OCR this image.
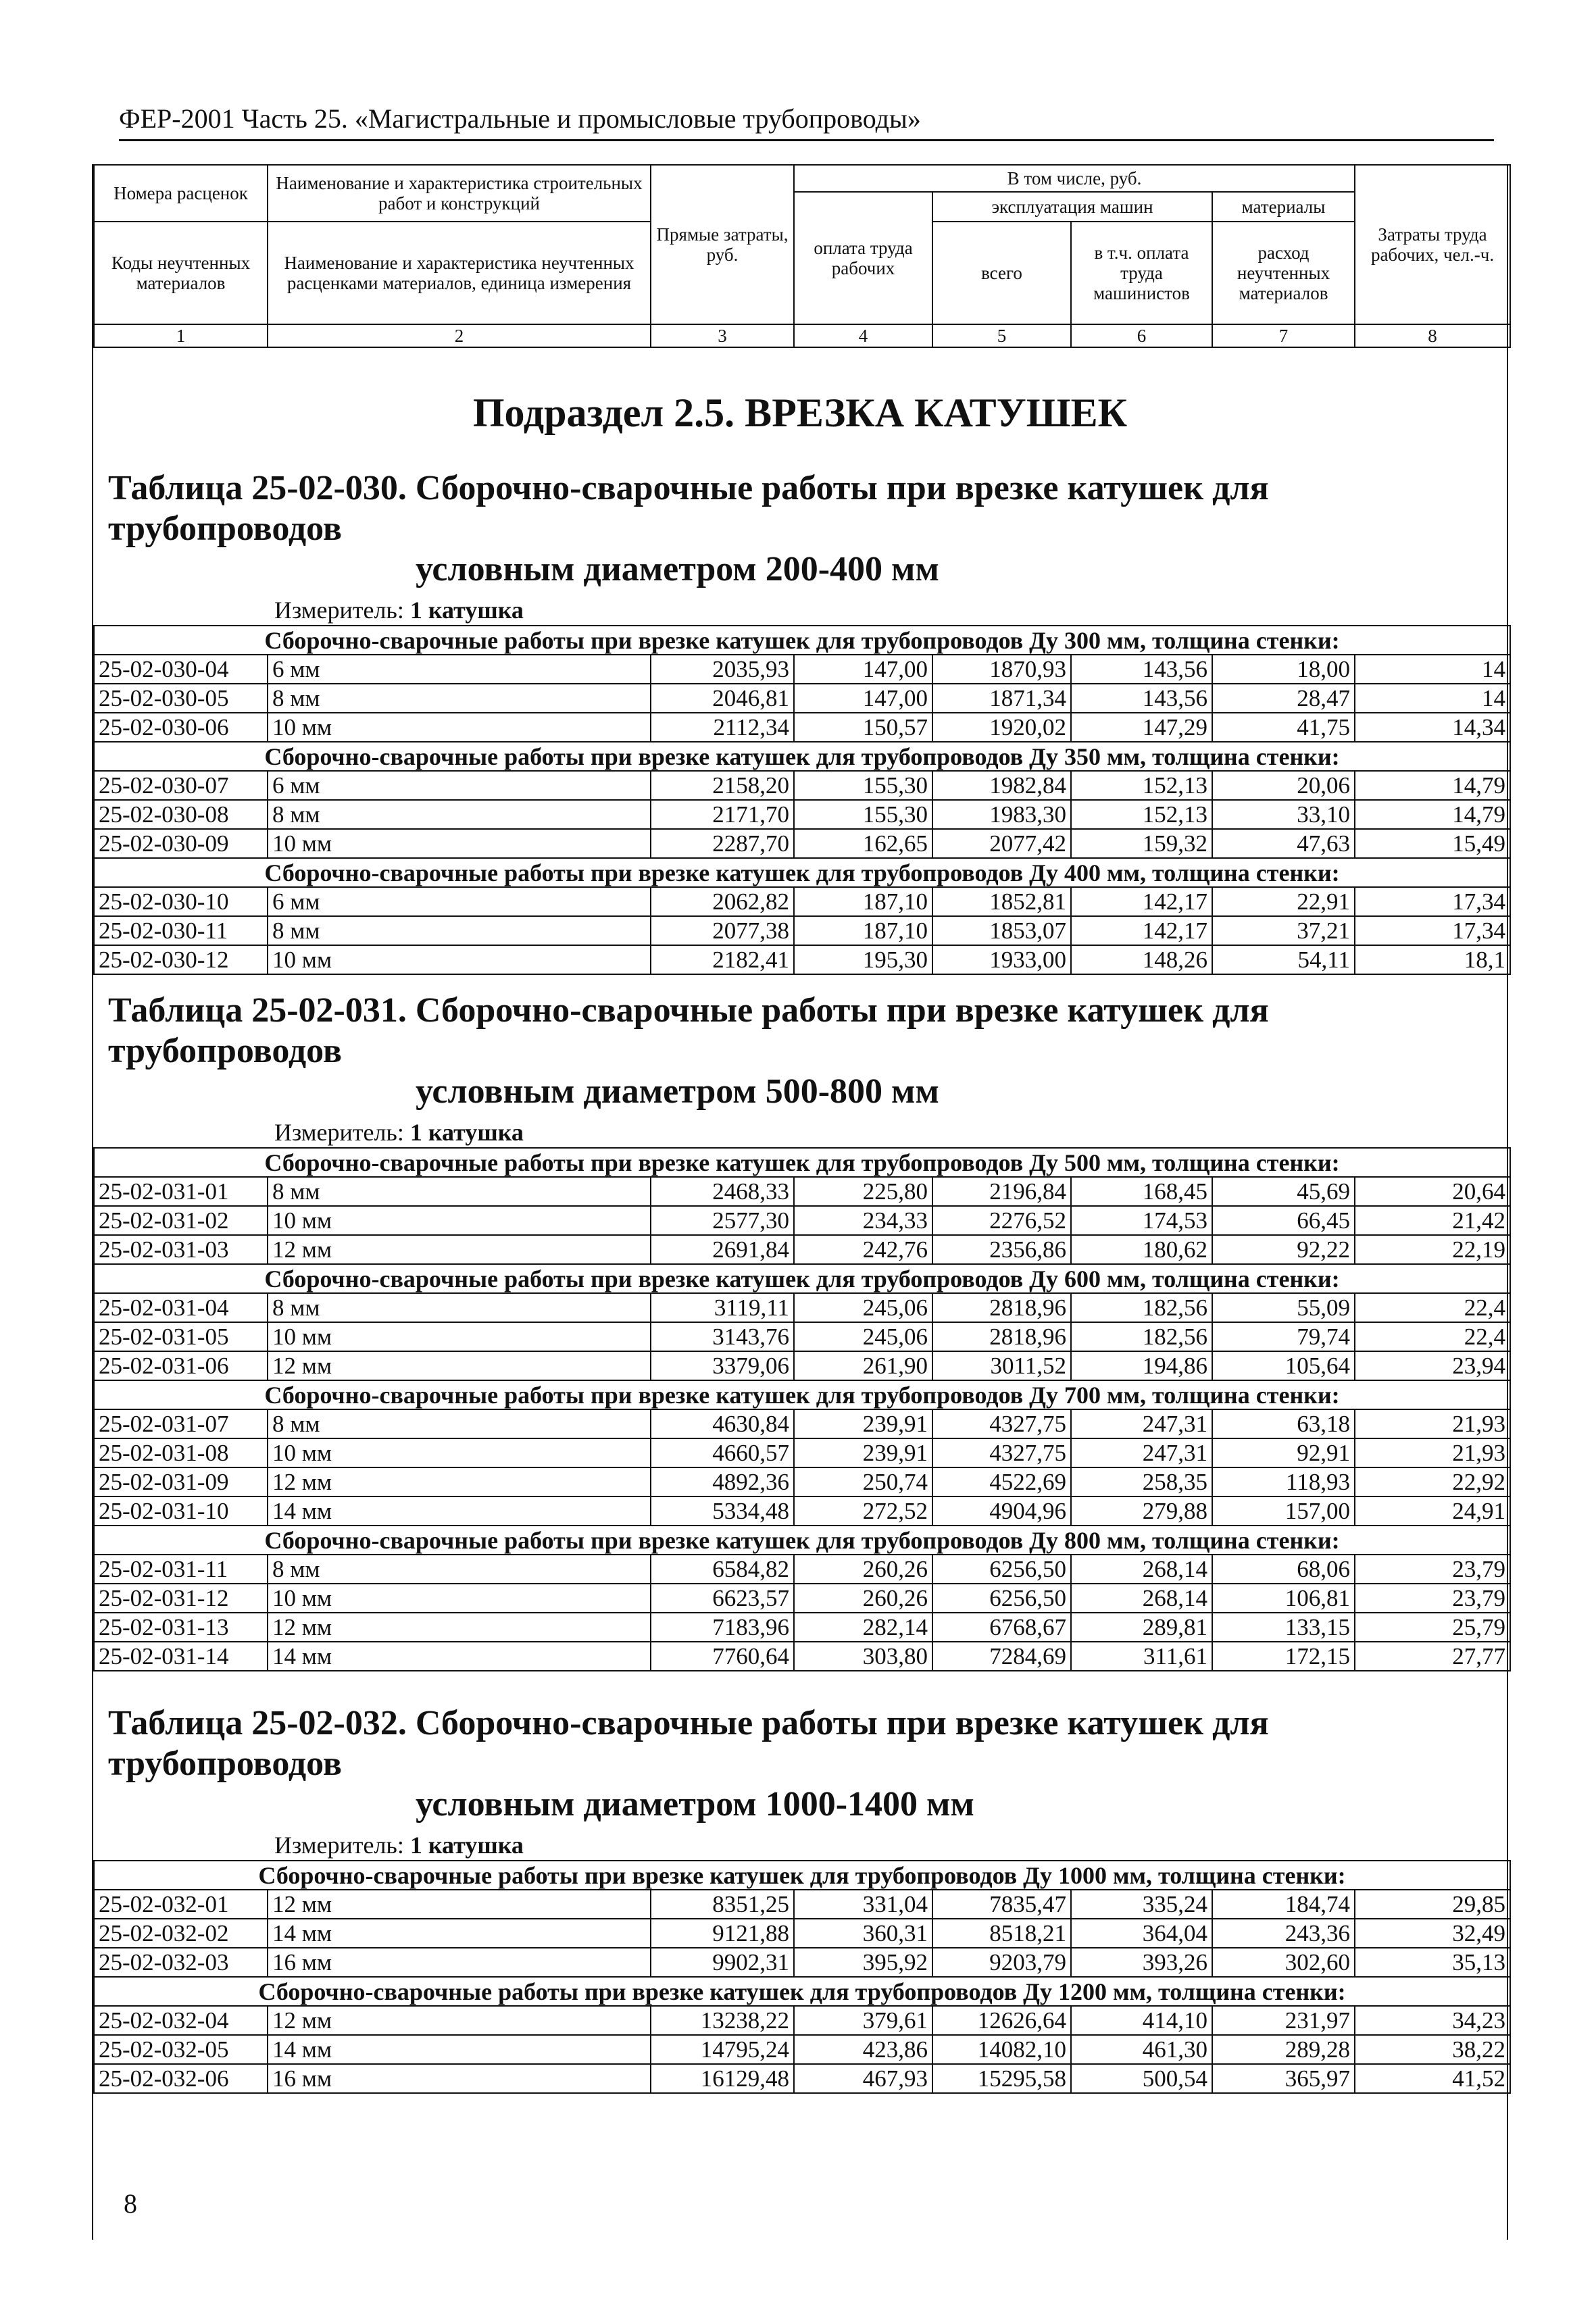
ФЕР-2001 Часть 25. «Магистральные и промысловые трубопроводы»
Номера расценок	Наименование и характеристика строительных работ и конструкций	Прямые затраты, руб.	В том числе, руб.				Затраты труда рабочих, чел.-ч.
			оплата труда рабочих	эксплуатация машин		материалы	
Коды неучтенных материалов	Наименование и характеристика неучтенных расценками материалов, единица измерения			всего	в т.ч. оплата труда машинистов	расход неучтенных материалов	
1	2	3	4	5	6	7	8
Подраздел 2.5. ВРЕЗКА КАТУШЕК
Таблица 25-02-030. Сборочно-сварочные работы при врезке катушек для трубопроводов
условным диаметром 200-400 мм
Измеритель: 1 катушка
Сборочно-сварочные работы при врезке катушек для трубопроводов Ду 300 мм, толщина стенки:							
25-02-030-04	6 мм	2035,93	147,00	1870,93	143,56	18,00	14
25-02-030-05	8 мм	2046,81	147,00	1871,34	143,56	28,47	14
25-02-030-06	10 мм	2112,34	150,57	1920,02	147,29	41,75	14,34
Сборочно-сварочные работы при врезке катушек для трубопроводов Ду 350 мм, толщина стенки:							
25-02-030-07	6 мм	2158,20	155,30	1982,84	152,13	20,06	14,79
25-02-030-08	8 мм	2171,70	155,30	1983,30	152,13	33,10	14,79
25-02-030-09	10 мм	2287,70	162,65	2077,42	159,32	47,63	15,49
Сборочно-сварочные работы при врезке катушек для трубопроводов Ду 400 мм, толщина стенки:							
25-02-030-10	6 мм	2062,82	187,10	1852,81	142,17	22,91	17,34
25-02-030-11	8 мм	2077,38	187,10	1853,07	142,17	37,21	17,34
25-02-030-12	10 мм	2182,41	195,30	1933,00	148,26	54,11	18,1
Таблица 25-02-031. Сборочно-сварочные работы при врезке катушек для трубопроводов
условным диаметром 500-800 мм
Измеритель: 1 катушка
Сборочно-сварочные работы при врезке катушек для трубопроводов Ду 500 мм, толщина стенки:							
25-02-031-01	8 мм	2468,33	225,80	2196,84	168,45	45,69	20,64
25-02-031-02	10 мм	2577,30	234,33	2276,52	174,53	66,45	21,42
25-02-031-03	12 мм	2691,84	242,76	2356,86	180,62	92,22	22,19
Сборочно-сварочные работы при врезке катушек для трубопроводов Ду 600 мм, толщина стенки:							
25-02-031-04	8 мм	3119,11	245,06	2818,96	182,56	55,09	22,4
25-02-031-05	10 мм	3143,76	245,06	2818,96	182,56	79,74	22,4
25-02-031-06	12 мм	3379,06	261,90	3011,52	194,86	105,64	23,94
Сборочно-сварочные работы при врезке катушек для трубопроводов Ду 700 мм, толщина стенки:							
25-02-031-07	8 мм	4630,84	239,91	4327,75	247,31	63,18	21,93
25-02-031-08	10 мм	4660,57	239,91	4327,75	247,31	92,91	21,93
25-02-031-09	12 мм	4892,36	250,74	4522,69	258,35	118,93	22,92
25-02-031-10	14 мм	5334,48	272,52	4904,96	279,88	157,00	24,91
Сборочно-сварочные работы при врезке катушек для трубопроводов Ду 800 мм, толщина стенки:							
25-02-031-11	8 мм	6584,82	260,26	6256,50	268,14	68,06	23,79
25-02-031-12	10 мм	6623,57	260,26	6256,50	268,14	106,81	23,79
25-02-031-13	12 мм	7183,96	282,14	6768,67	289,81	133,15	25,79
25-02-031-14	14 мм	7760,64	303,80	7284,69	311,61	172,15	27,77
Таблица 25-02-032. Сборочно-сварочные работы при врезке катушек для трубопроводов
условным диаметром 1000-1400 мм
Измеритель: 1 катушка
Сборочно-сварочные работы при врезке катушек для трубопроводов Ду 1000 мм, толщина стенки:							
25-02-032-01	12 мм	8351,25	331,04	7835,47	335,24	184,74	29,85
25-02-032-02	14 мм	9121,88	360,31	8518,21	364,04	243,36	32,49
25-02-032-03	16 мм	9902,31	395,92	9203,79	393,26	302,60	35,13
Сборочно-сварочные работы при врезке катушек для трубопроводов Ду 1200 мм, толщина стенки:							
25-02-032-04	12 мм	13238,22	379,61	12626,64	414,10	231,97	34,23
25-02-032-05	14 мм	14795,24	423,86	14082,10	461,30	289,28	38,22
25-02-032-06	16 мм	16129,48	467,93	15295,58	500,54	365,97	41,52
8
